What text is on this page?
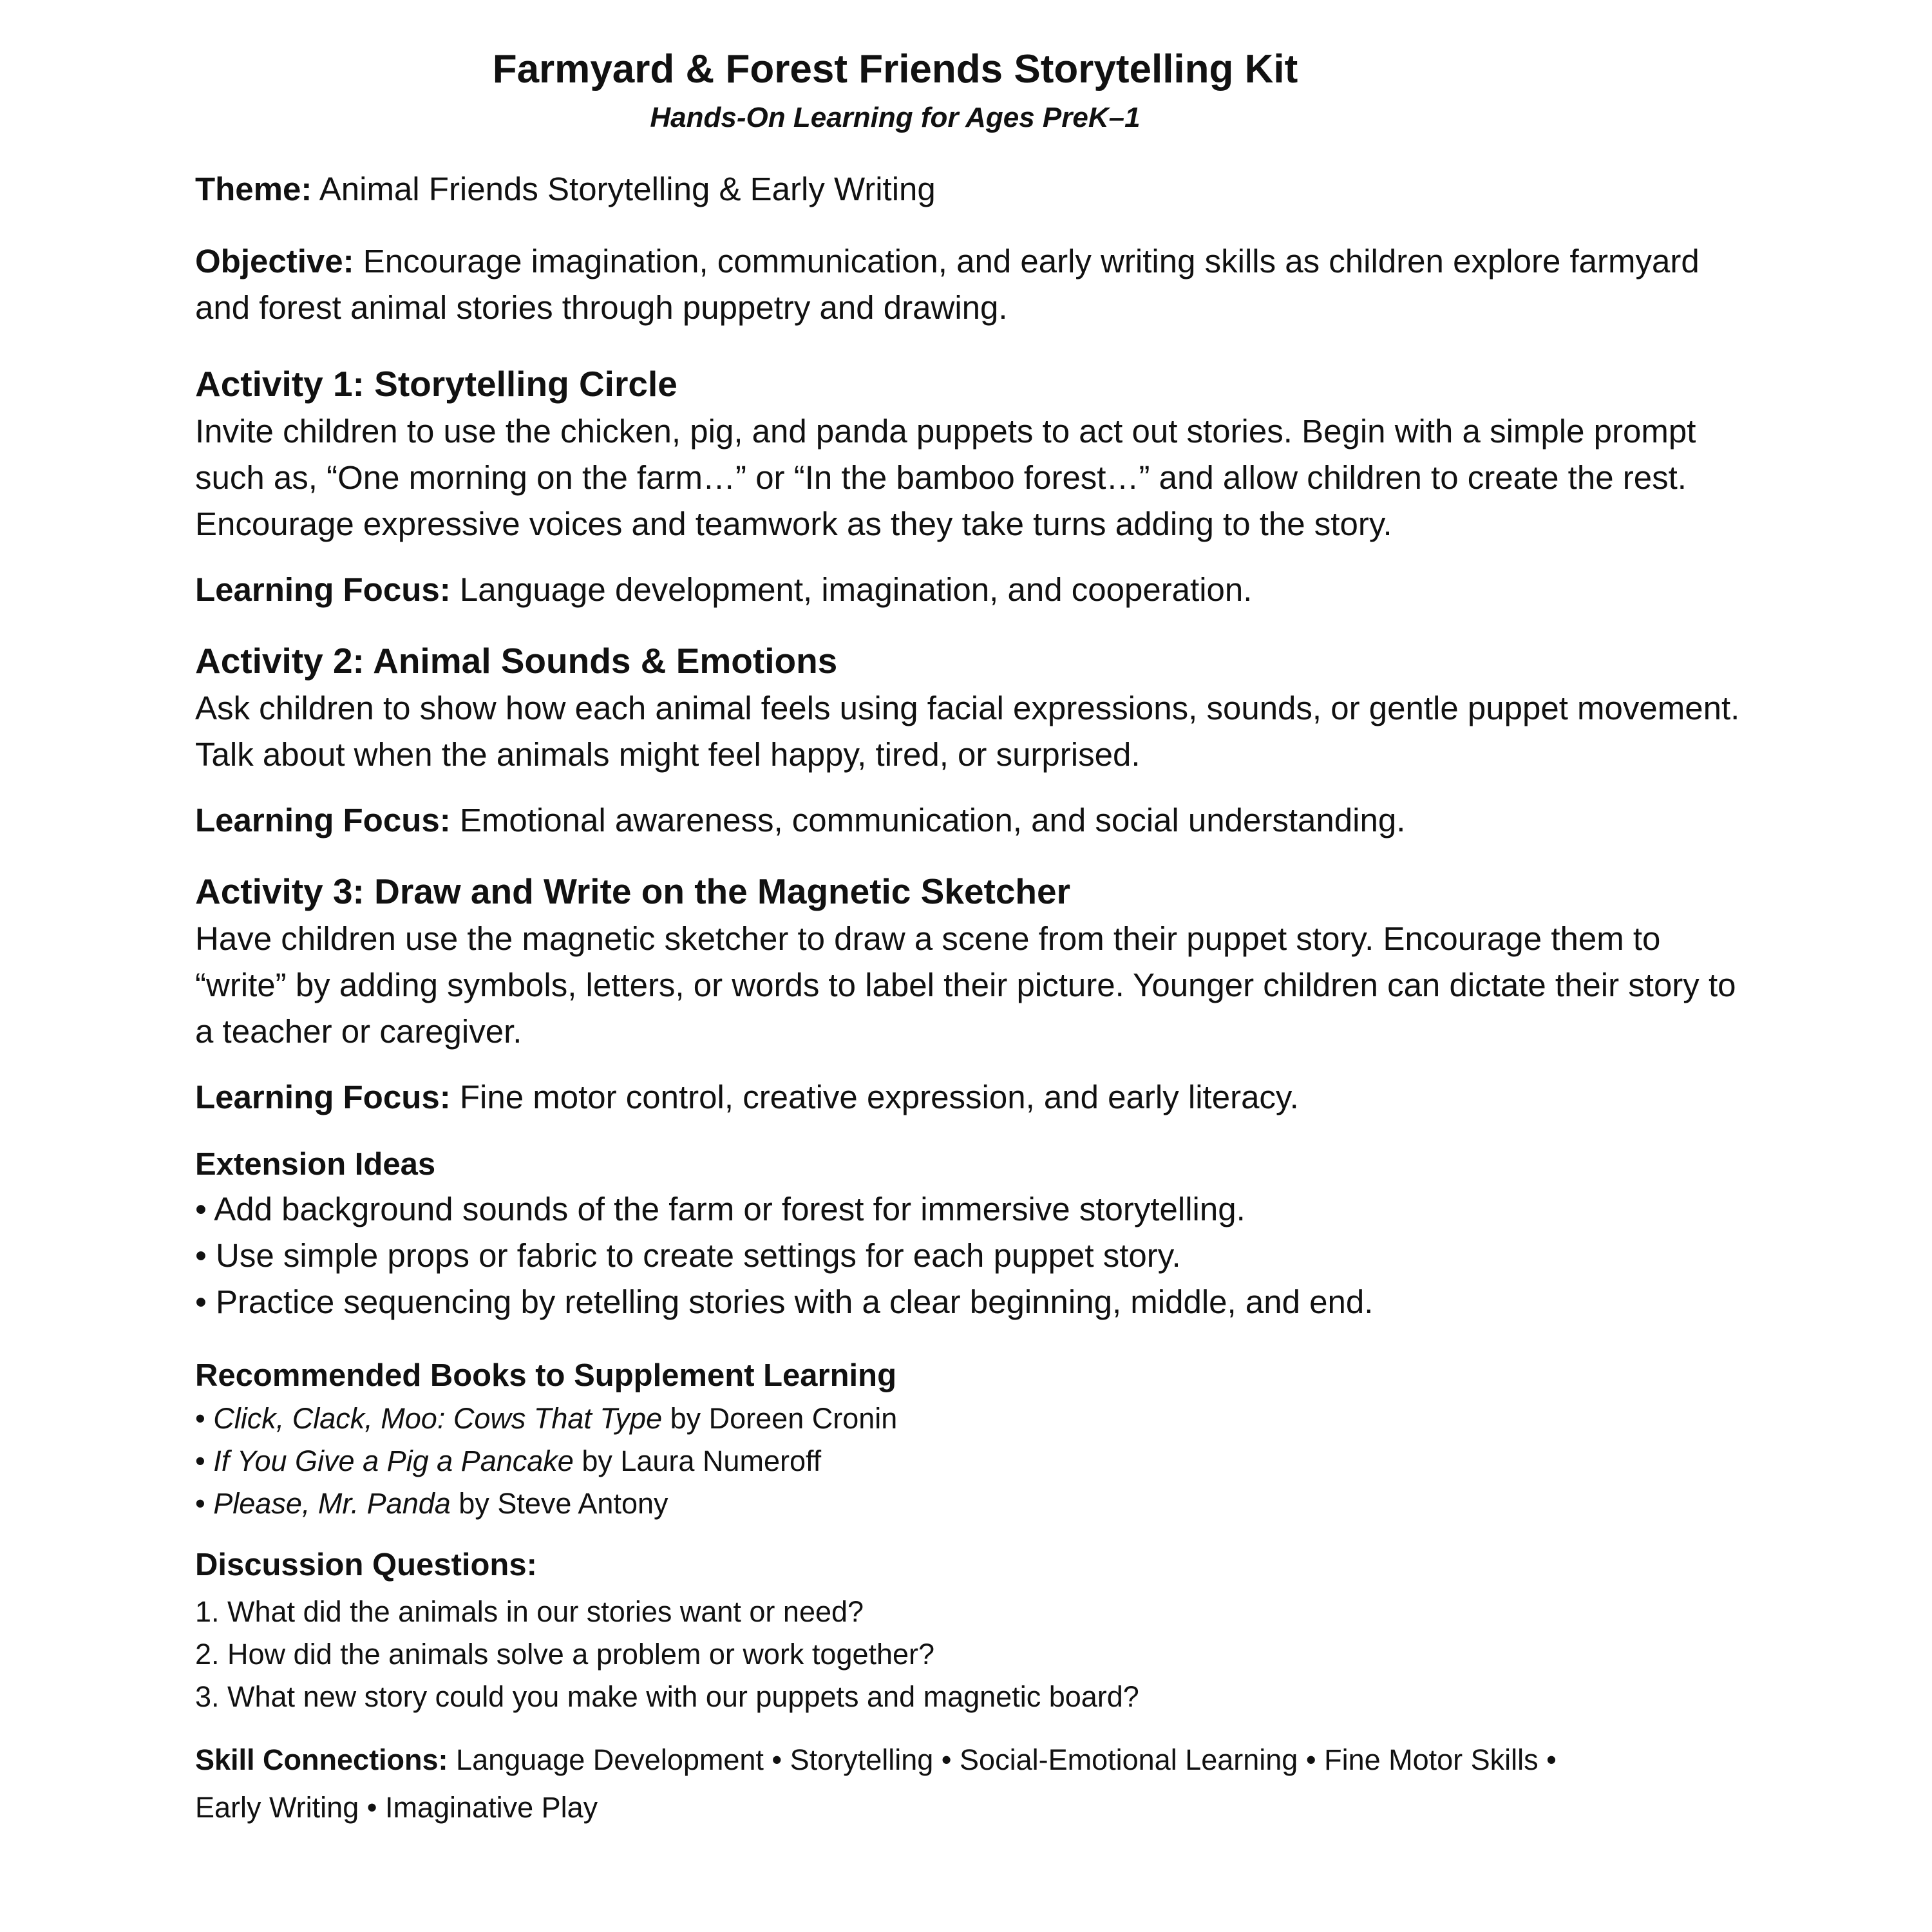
Farmyard & Forest Friends Storytelling Kit

Hands-On Learning for Ages PreK–1

Theme: Animal Friends Storytelling & Early Writing

Objective: Encourage imagination, communication, and early writing skills as children explore farmyard and forest animal stories through puppetry and drawing.

Activity 1: Storytelling Circle

Invite children to use the chicken, pig, and panda puppets to act out stories. Begin with a simple prompt such as, “One morning on the farm…” or “In the bamboo forest…” and allow children to create the rest. Encourage expressive voices and teamwork as they take turns adding to the story.

Learning Focus: Language development, imagination, and cooperation.

Activity 2: Animal Sounds & Emotions

Ask children to show how each animal feels using facial expressions, sounds, or gentle puppet movement. Talk about when the animals might feel happy, tired, or surprised.

Learning Focus: Emotional awareness, communication, and social understanding.

Activity 3: Draw and Write on the Magnetic Sketcher

Have children use the magnetic sketcher to draw a scene from their puppet story. Encourage them to “write” by adding symbols, letters, or words to label their picture. Younger children can dictate their story to a teacher or caregiver.

Learning Focus: Fine motor control, creative expression, and early literacy.

Extension Ideas
• Add background sounds of the farm or forest for immersive storytelling.
• Use simple props or fabric to create settings for each puppet story.
• Practice sequencing by retelling stories with a clear beginning, middle, and end.
Recommended Books to Supplement Learning
• Click, Clack, Moo: Cows That Type by Doreen Cronin
• If You Give a Pig a Pancake by Laura Numeroff
• Please, Mr. Panda by Steve Antony
Discussion Questions:
1. What did the animals in our stories want or need?
2. How did the animals solve a problem or work together?
3. What new story could you make with our puppets and magnetic board?

Skill Connections: Language Development • Storytelling • Social-Emotional Learning • Fine Motor Skills • Early Writing • Imaginative Play
